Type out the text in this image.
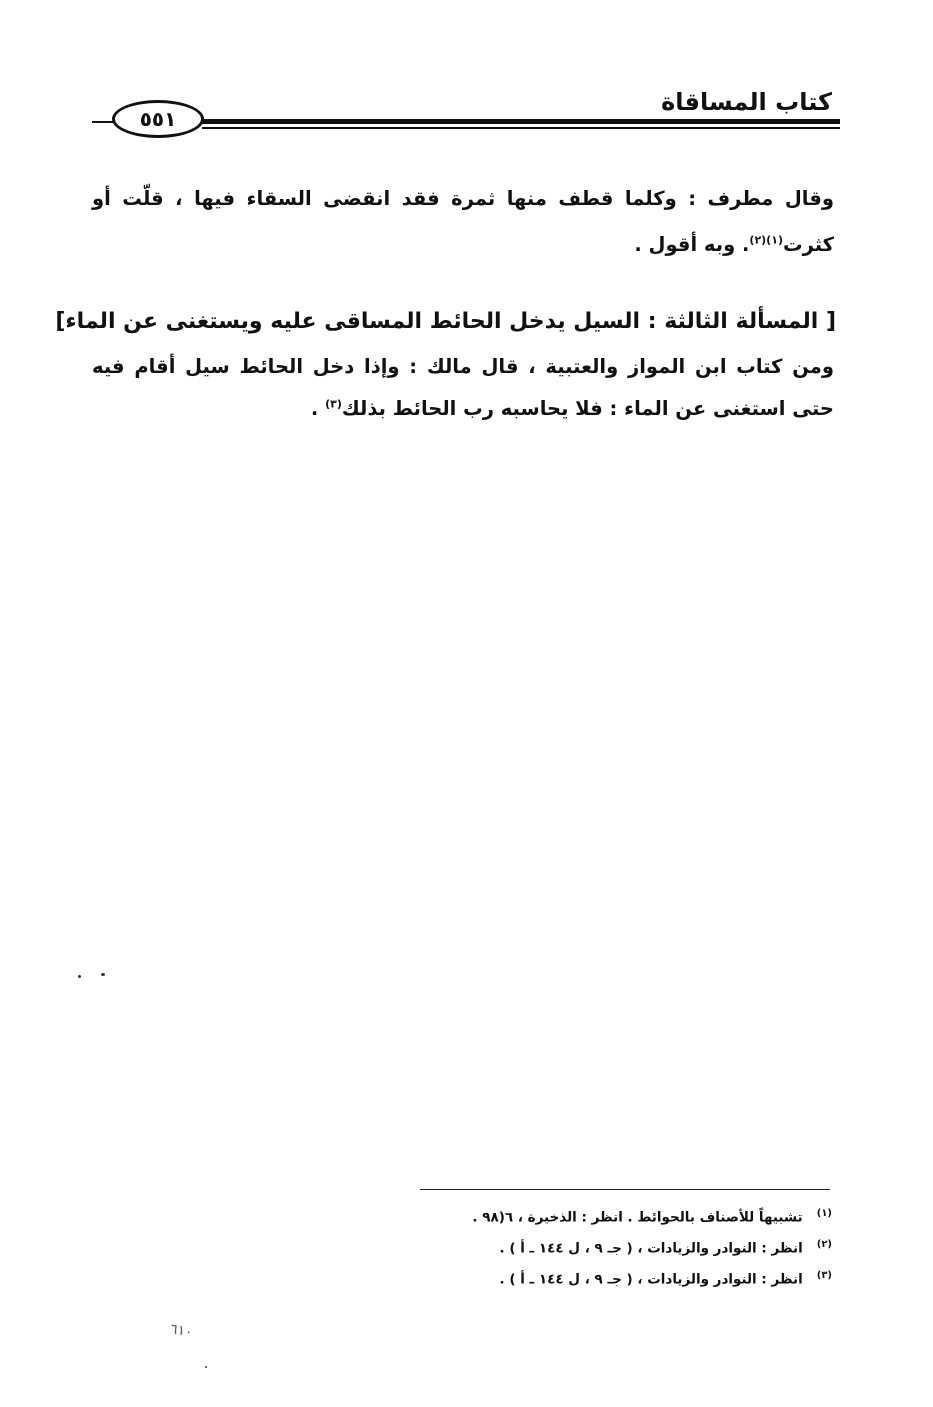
كتاب المساقاة
٥٥١
وقال مطرف : وكلما قطف منها ثمرة فقد انقضى السقاء فيها ، قلّت أو كثرت$^{(١)(٢)}$. وبه أقول .
[ المسألة الثالثة : السيل يدخل الحائط المساقى عليه ويستغنى عن الماء]
ومن كتاب ابن المواز والعتبية ، قال مالك : وإذا دخل الحائط سيل أقام فيه حتى استغنى عن الماء : فلا يحاسبه رب الحائط بذلك$^{(٣)}$ .
$^{(١)}$تشبيهاً للأصناف بالحوائط . انظر : الذخيرة ، ٦(٩٨ .
$^{(٢)}$انظر : النوادر والزيادات ، ( جـ ٩ ، ل ١٤٤ ـ أ ) .
$^{(٣)}$انظر : النوادر والزيادات ، ( جـ ٩ ، ل ١٤٤ ـ أ ) .
٦١٠
